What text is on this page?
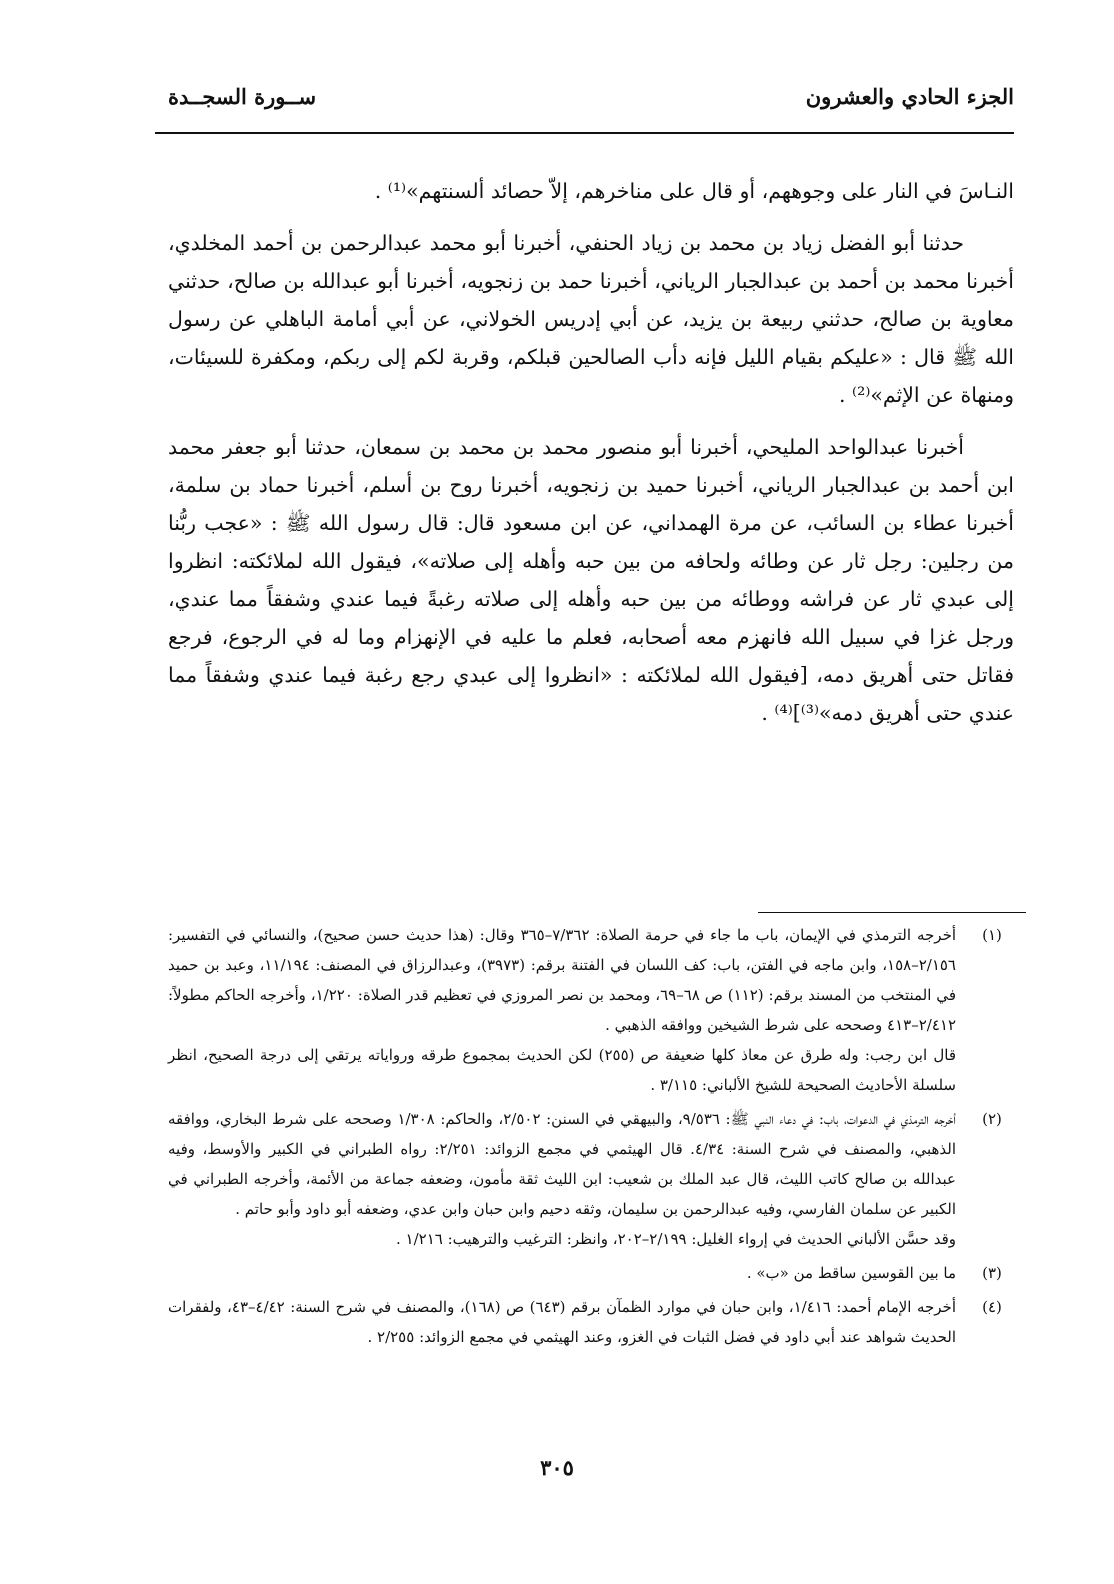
الجزء الحادي والعشرون
ســورة السجــدة

النـاسَ في النار على وجوههم، أو قال على مناخرهم، إلاّ حصائد ألسنتهم»⁽¹⁾ .

حدثنا أبو الفضل زياد بن محمد بن زياد الحنفي، أخبرنا أبو محمد عبدالرحمن بن أحمد المخلدي، أخبرنا محمد بن أحمد بن عبدالجبار الرياني، أخبرنا حمد بن زنجويه، أخبرنا أبو عبدالله بن صالح، حدثني معاوية بن صالح، حدثني ربيعة بن يزيد، عن أبي إدريس الخولاني، عن أبي أمامة الباهلي عن رسول الله ﷺ قال : «عليكم بقيام الليل فإنه دأب الصالحين قبلكم، وقربة لكم إلى ربكم، ومكفرة للسيئات، ومنهاة عن الإثم»⁽²⁾ .

أخبرنا عبدالواحد المليحي، أخبرنا أبو منصور محمد بن محمد بن سمعان، حدثنا أبو جعفر محمد ابن أحمد بن عبدالجبار الرياني، أخبرنا حميد بن زنجويه، أخبرنا روح بن أسلم، أخبرنا حماد بن سلمة، أخبرنا عطاء بن السائب، عن مرة الهمداني، عن ابن مسعود قال: قال رسول الله ﷺ : «عجب ربُّنا من رجلين: رجل ثار عن وطائه ولحافه من بين حبه وأهله إلى صلاته»، فيقول الله لملائكته: انظروا إلى عبدي ثار عن فراشه ووطائه من بين حبه وأهله إلى صلاته رغبةً فيما عندي وشفقاً مما عندي، ورجل غزا في سبيل الله فانهزم معه أصحابه، فعلم ما عليه في الإنهزام وما له في الرجوع، فرجع فقاتل حتى أهريق دمه، [فيقول الله لملائكته : «انظروا إلى عبدي رجع رغبة فيما عندي وشفقاً مما عندي حتى أهريق دمه»⁽³⁾]⁽⁴⁾ .

(١)
أخرجه الترمذي في الإيمان، باب ما جاء في حرمة الصلاة: ٧/٣٦٢–٣٦٥ وقال: (هذا حديث حسن صحيح)، والنسائي في التفسير: ٢/١٥٦–١٥٨، وابن ماجه في الفتن، باب: كف اللسان في الفتنة برقم: (٣٩٧٣)، وعبدالرزاق في المصنف: ١١/١٩٤، وعبد بن حميد في المنتخب من المسند برقم: (١١٢) ص ٦٨–٦٩، ومحمد بن نصر المروزي في تعظيم قدر الصلاة: ١/٢٢٠، وأخرجه الحاكم مطولاً: ٢/٤١٢–٤١٣ وصححه على شرط الشيخين ووافقه الذهبي .
قال ابن رجب: وله طرق عن معاذ كلها ضعيفة ص (٢٥٥) لكن الحديث بمجموع طرقه ورواياته يرتقي إلى درجة الصحيح، انظر سلسلة الأحاديث الصحيحة للشيخ الألباني: ٣/١١٥ .
(٢)
أخرجه الترمذي في الدعوات، باب: في دعاء النبي ﷺ: ٩/٥٣٦، والبيهقي في السنن: ٢/٥٠٢، والحاكم: ١/٣٠٨ وصححه على شرط البخاري، ووافقه الذهبي، والمصنف في شرح السنة: ٤/٣٤. قال الهيثمي في مجمع الزوائد: ٢/٢٥١: رواه الطبراني في الكبير والأوسط، وفيه عبدالله بن صالح كاتب الليث، قال عبد الملك بن شعيب: ابن الليث ثقة مأمون، وضعفه جماعة من الأئمة، وأخرجه الطبراني في الكبير عن سلمان الفارسي، وفيه عبدالرحمن بن سليمان، وثقه دحيم وابن حبان وابن عدي، وضعفه أبو داود وأبو حاتم .
وقد حسَّن الألباني الحديث في إرواء الغليل: ٢/١٩٩–٢٠٢، وانظر: الترغيب والترهيب: ١/٢١٦ .
(٣)
ما بين القوسين ساقط من «ب» .
(٤)
أخرجه الإمام أحمد: ١/٤١٦، وابن حبان في موارد الظمآن برقم (٦٤٣) ص (١٦٨)، والمصنف في شرح السنة: ٤/٤٢–٤٣، ولفقرات الحديث شواهد عند أبي داود في فضل الثبات في الغزو، وعند الهيثمي في مجمع الزوائد: ٢/٢٥٥ .
٣٠٥
